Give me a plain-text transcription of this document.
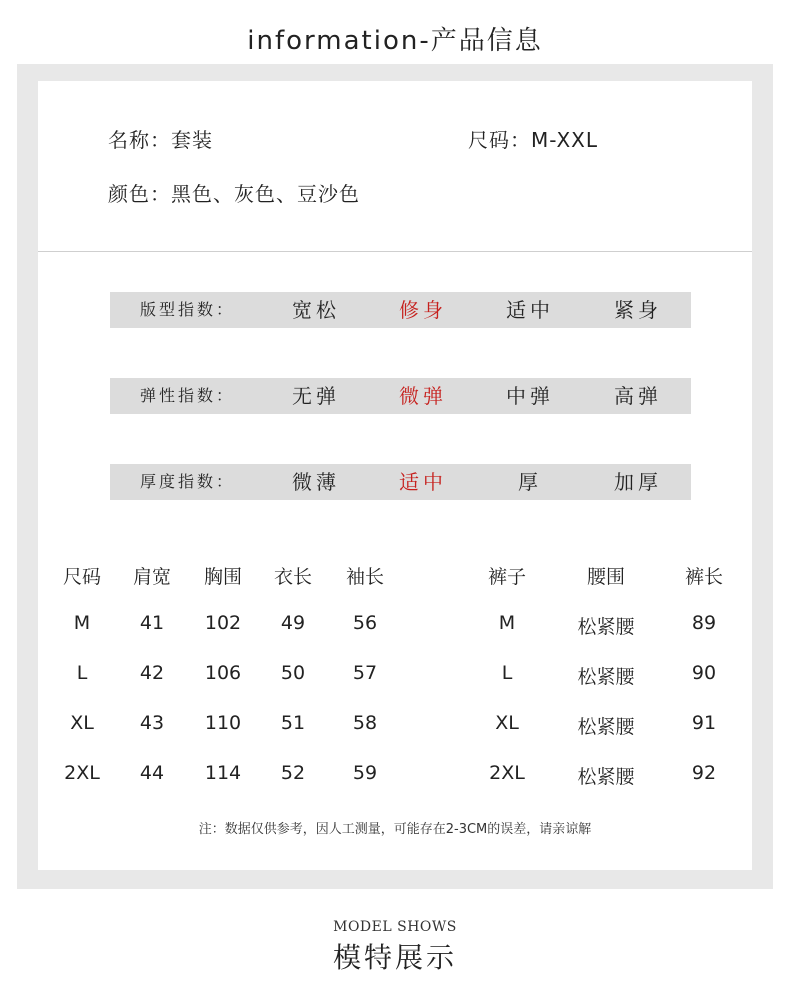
information-产品信息
名称：套装	尺码：M-XXL
颜色：黑色、灰色、豆沙色
版型指数：	宽松	修身	适中	紧身
弹性指数：	无弹	微弹	中弹	高弹
厚度指数：	微薄	适中	厚	加厚
尺码	肩宽	胸围	衣长	袖长	裤子	腰围	裤长
M	41	102	49	56	M	松紧腰	89
L	42	106	50	57	L	松紧腰	90
XL	43	110	51	58	XL	松紧腰	91
2XL	44	114	52	59	2XL	松紧腰	92
注：数据仅供参考，因人工测量，可能存在2-3CM的误差，请亲谅解
MODEL SHOWS
模特展示
